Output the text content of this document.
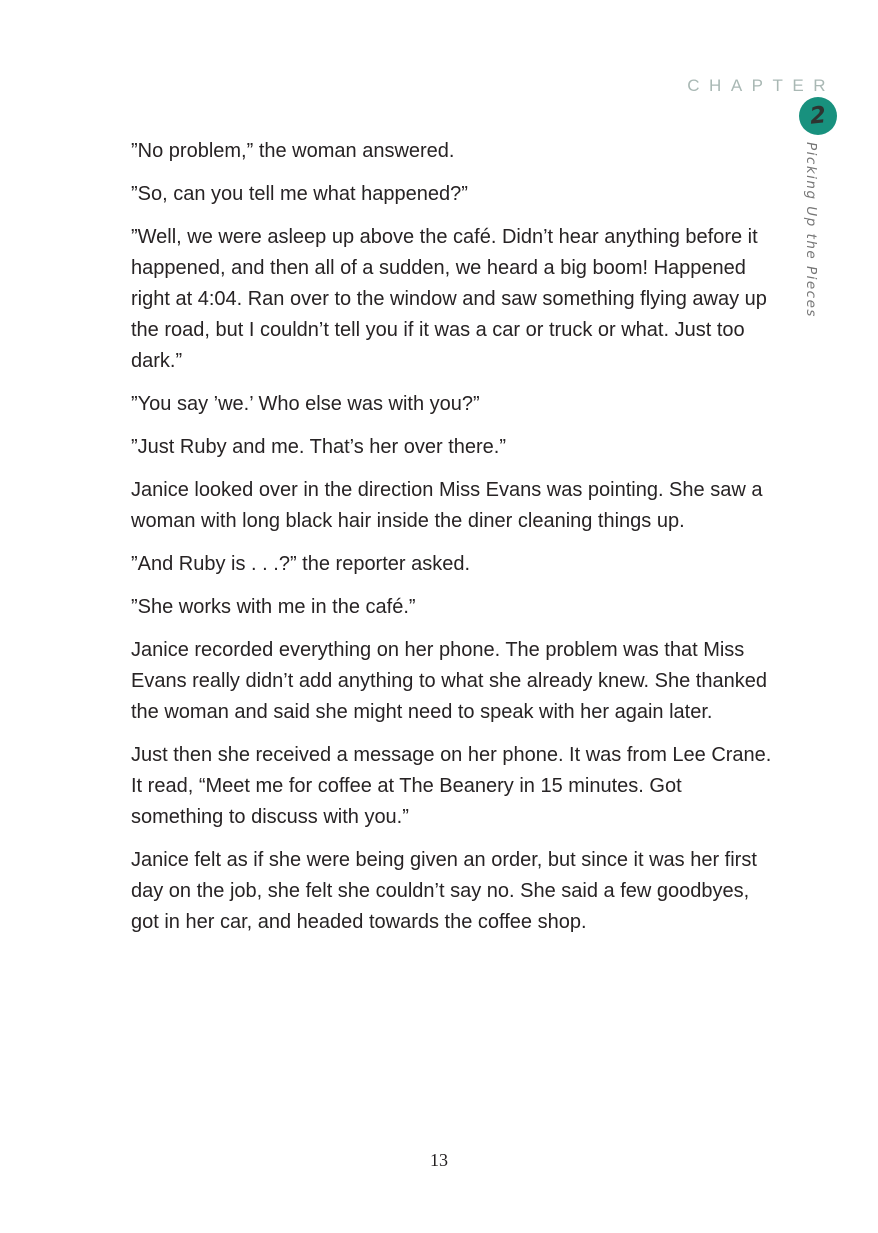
CHAPTER
2
Picking Up the Pieces

”No problem,” the woman answered.

”So, can you tell me what happened?”

”Well, we were asleep up above the café. Didn’t hear anything before it happened, and then all of a sudden, we heard a big boom! Happened right at 4:04. Ran over to the window and saw something flying away up the road, but I couldn’t tell you if it was a car or truck or what. Just too dark.”

”You say ’we.’ Who else was with you?”

”Just Ruby and me. That’s her over there.”

Janice looked over in the direction Miss Evans was pointing. She saw a woman with long black hair inside the diner cleaning things up.

”And Ruby is . . .?” the reporter asked.

”She works with me in the café.”

Janice recorded everything on her phone. The problem was that Miss Evans really didn’t add anything to what she already knew. She thanked the woman and said she might need to speak with her again later.

Just then she received a message on her phone. It was from Lee Crane. It read, “Meet me for coffee at The Beanery in 15 minutes. Got something to discuss with you.”

Janice felt as if she were being given an order, but since it was her first day on the job, she felt she couldn’t say no. She said a few goodbyes, got in her car, and headed towards the coffee shop.

13
